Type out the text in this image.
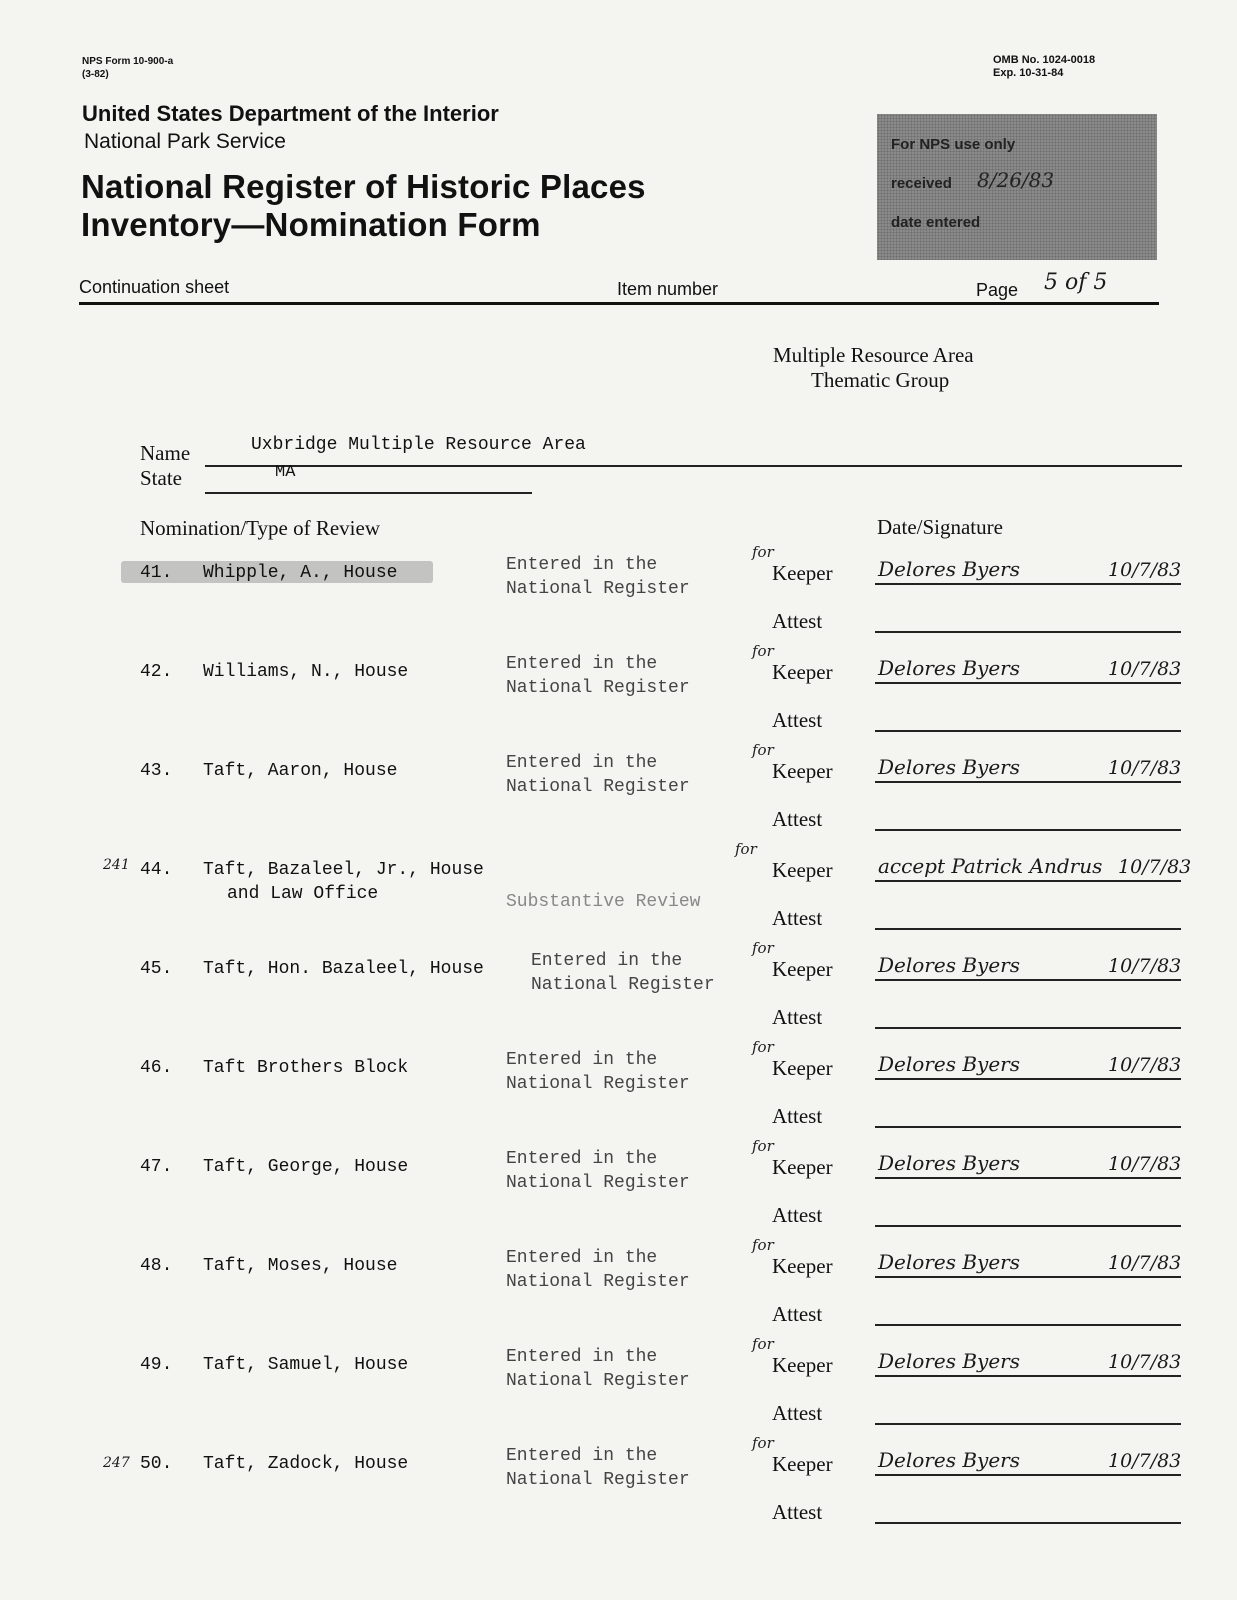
NPS Form 10-900-a
(3-82)
OMB No. 1024-0018
Exp. 10-31-84
United States Department of the Interior
National Park Service
National Register of Historic Places
Inventory—Nomination Form
For NPS use only
received 8/26/83
date entered
Continuation sheet	Item number	Page 5 of 5
Multiple Resource Area
Thematic Group
Name	Uxbridge Multiple Resource Area
State	MA
Nomination/Type of Review	Date/Signature
241
247
41. Whipple, A., House	Entered in the
National Register
for
Keeper
Attest
Delores Byers	10/7/83
42. Williams, N., House	Entered in the
National Register
for
Keeper
Attest
Delores Byers	10/7/83
43. Taft, Aaron, House	Entered in the
National Register
for
Keeper
Attest
Delores Byers	10/7/83
44. Taft, Bazaleel, Jr., House
and Law Office	Substantive Review
for
Keeper
Attest
accept Patrick Andrus 10/7/83
45. Taft, Hon. Bazaleel, House	Entered in the
National Register
for
Keeper
Attest
Delores Byers	10/7/83
46. Taft Brothers Block	Entered in the
National Register
for
Keeper
Attest
Delores Byers	10/7/83
47. Taft, George, House	Entered in the
National Register
for
Keeper
Attest
Delores Byers	10/7/83
48. Taft, Moses, House	Entered in the
National Register
for
Keeper
Attest
Delores Byers	10/7/83
49. Taft, Samuel, House	Entered in the
National Register
for
Keeper
Attest
Delores Byers	10/7/83
50. Taft, Zadock, House	Entered in the
National Register
for
Keeper
Attest
Delores Byers	10/7/83
